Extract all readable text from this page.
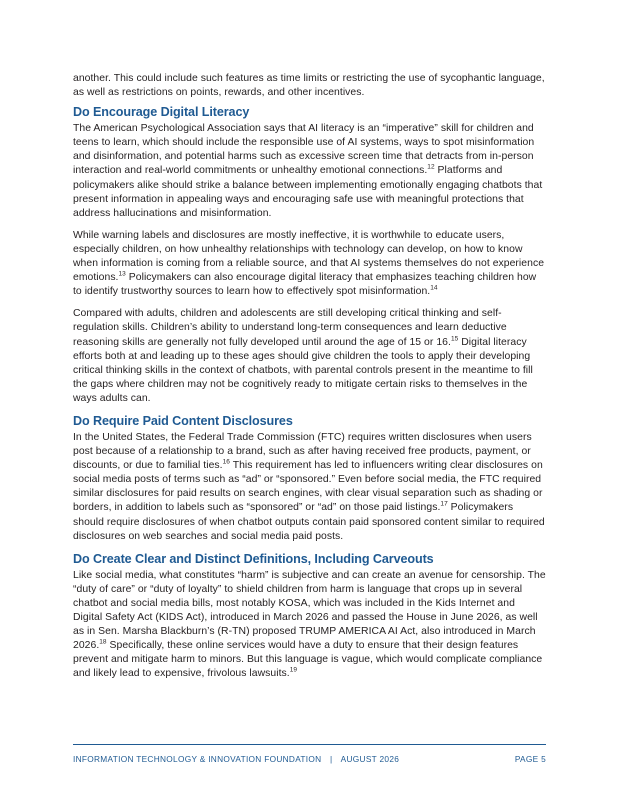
another. This could include such features as time limits or restricting the use of sycophantic language, as well as restrictions on points, rewards, and other incentives.

Do Encourage Digital Literacy

The American Psychological Association says that AI literacy is an “imperative” skill for children and teens to learn, which should include the responsible use of AI systems, ways to spot misinformation and disinformation, and potential harms such as excessive screen time that detracts from in-person interaction and real-world commitments or unhealthy emotional connections.$^{12}$ Platforms and policymakers alike should strike a balance between implementing emotionally engaging chatbots that present information in appealing ways and encouraging safe use with meaningful protections that address hallucinations and misinformation.

While warning labels and disclosures are mostly ineffective, it is worthwhile to educate users, especially children, on how unhealthy relationships with technology can develop, on how to know when information is coming from a reliable source, and that AI systems themselves do not experience emotions.$^{13}$ Policymakers can also encourage digital literacy that emphasizes teaching children how to identify trustworthy sources to learn how to effectively spot misinformation.$^{14}$

Compared with adults, children and adolescents are still developing critical thinking and self-regulation skills. Children’s ability to understand long-term consequences and learn deductive reasoning skills are generally not fully developed until around the age of 15 or 16.15 Digital literacy efforts both at and leading up to these ages should give children the tools to apply their developing critical thinking skills in the context of chatbots, with parental controls present in the meantime to fill the gaps where children may not be cognitively ready to mitigate certain risks to themselves in the ways adults can.

Do Require Paid Content Disclosures

In the United States, the Federal Trade Commission (FTC) requires written disclosures when users post because of a relationship to a brand, such as after having received free products, payment, or discounts, or due to familial ties.$^{16}$ This requirement has led to influencers writing clear disclosures on social media posts of terms such as “ad” or “sponsored.” Even before social media, the FTC required similar disclosures for paid results on search engines, with clear visual separation such as shading or borders, in addition to labels such as “sponsored” or “ad” on those paid listings.$^{17}$ Policymakers should require disclosures of when chatbot outputs contain paid sponsored content similar to required disclosures on web searches and social media paid posts.

Do Create Clear and Distinct Definitions, Including Carveouts

Like social media, what constitutes “harm” is subjective and can create an avenue for censorship. The “duty of care” or “duty of loyalty” to shield children from harm is language that crops up in several chatbot and social media bills, most notably KOSA, which was included in the Kids Internet and Digital Safety Act (KIDS Act), introduced in March 2026 and passed the House in June 2026, as well as in Sen. Marsha Blackburn’s (R-TN) proposed TRUMP AMERICA AI Act, also introduced in March 2026.18 Specifically, these online services would have a duty to ensure that their design features prevent and mitigate harm to minors. But this language is vague, which would complicate compliance and likely lead to expensive, frivolous lawsuits.$^{19}$

INFORMATION TECHNOLOGY & INNOVATION FOUNDATION | AUGUST 2026	PAGE 5
